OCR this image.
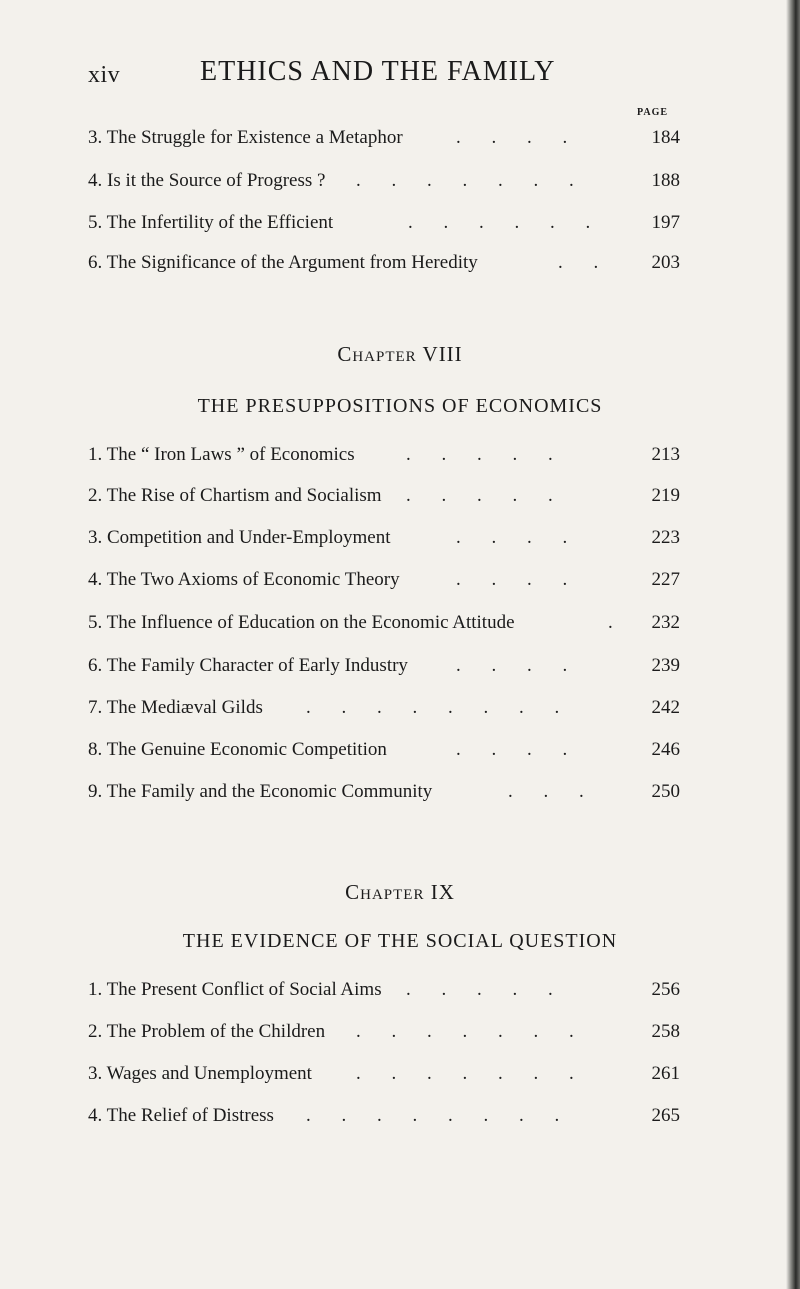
xiv	ETHICS AND THE FAMILY
PAGE
3. The Struggle for Existence a Metaphor	. . . .	184
4. Is it the Source of Progress ? . . . . . . .	188
5. The Infertility of the Efficient	. . . . . .	197
6. The Significance of the Argument from Heredity	. .	203
Chapter VIII
THE PRESUPPOSITIONS OF ECONOMICS
1. The “ Iron Laws ” of Economics	. . . . .	213
2. The Rise of Chartism and Socialism . . . . .	219
3. Competition and Under-Employment	. . . .	223
4. The Two Axioms of Economic Theory	. . . .	227
5. The Influence of Education on the Economic Attitude	.	232
6. The Family Character of Early Industry	. . . .	239
7. The Mediæval Gilds . . . . . . . .	242
8. The Genuine Economic Competition	. . . .	246
9. The Family and the Economic Community	. . .	250
Chapter IX
THE EVIDENCE OF THE SOCIAL QUESTION
1. The Present Conflict of Social Aims . . . . .	256
2. The Problem of the Children . . . . . . .	258
3. Wages and Unemployment . . . . . . .	261
4. The Relief of Distress . . . . . . . .	265
